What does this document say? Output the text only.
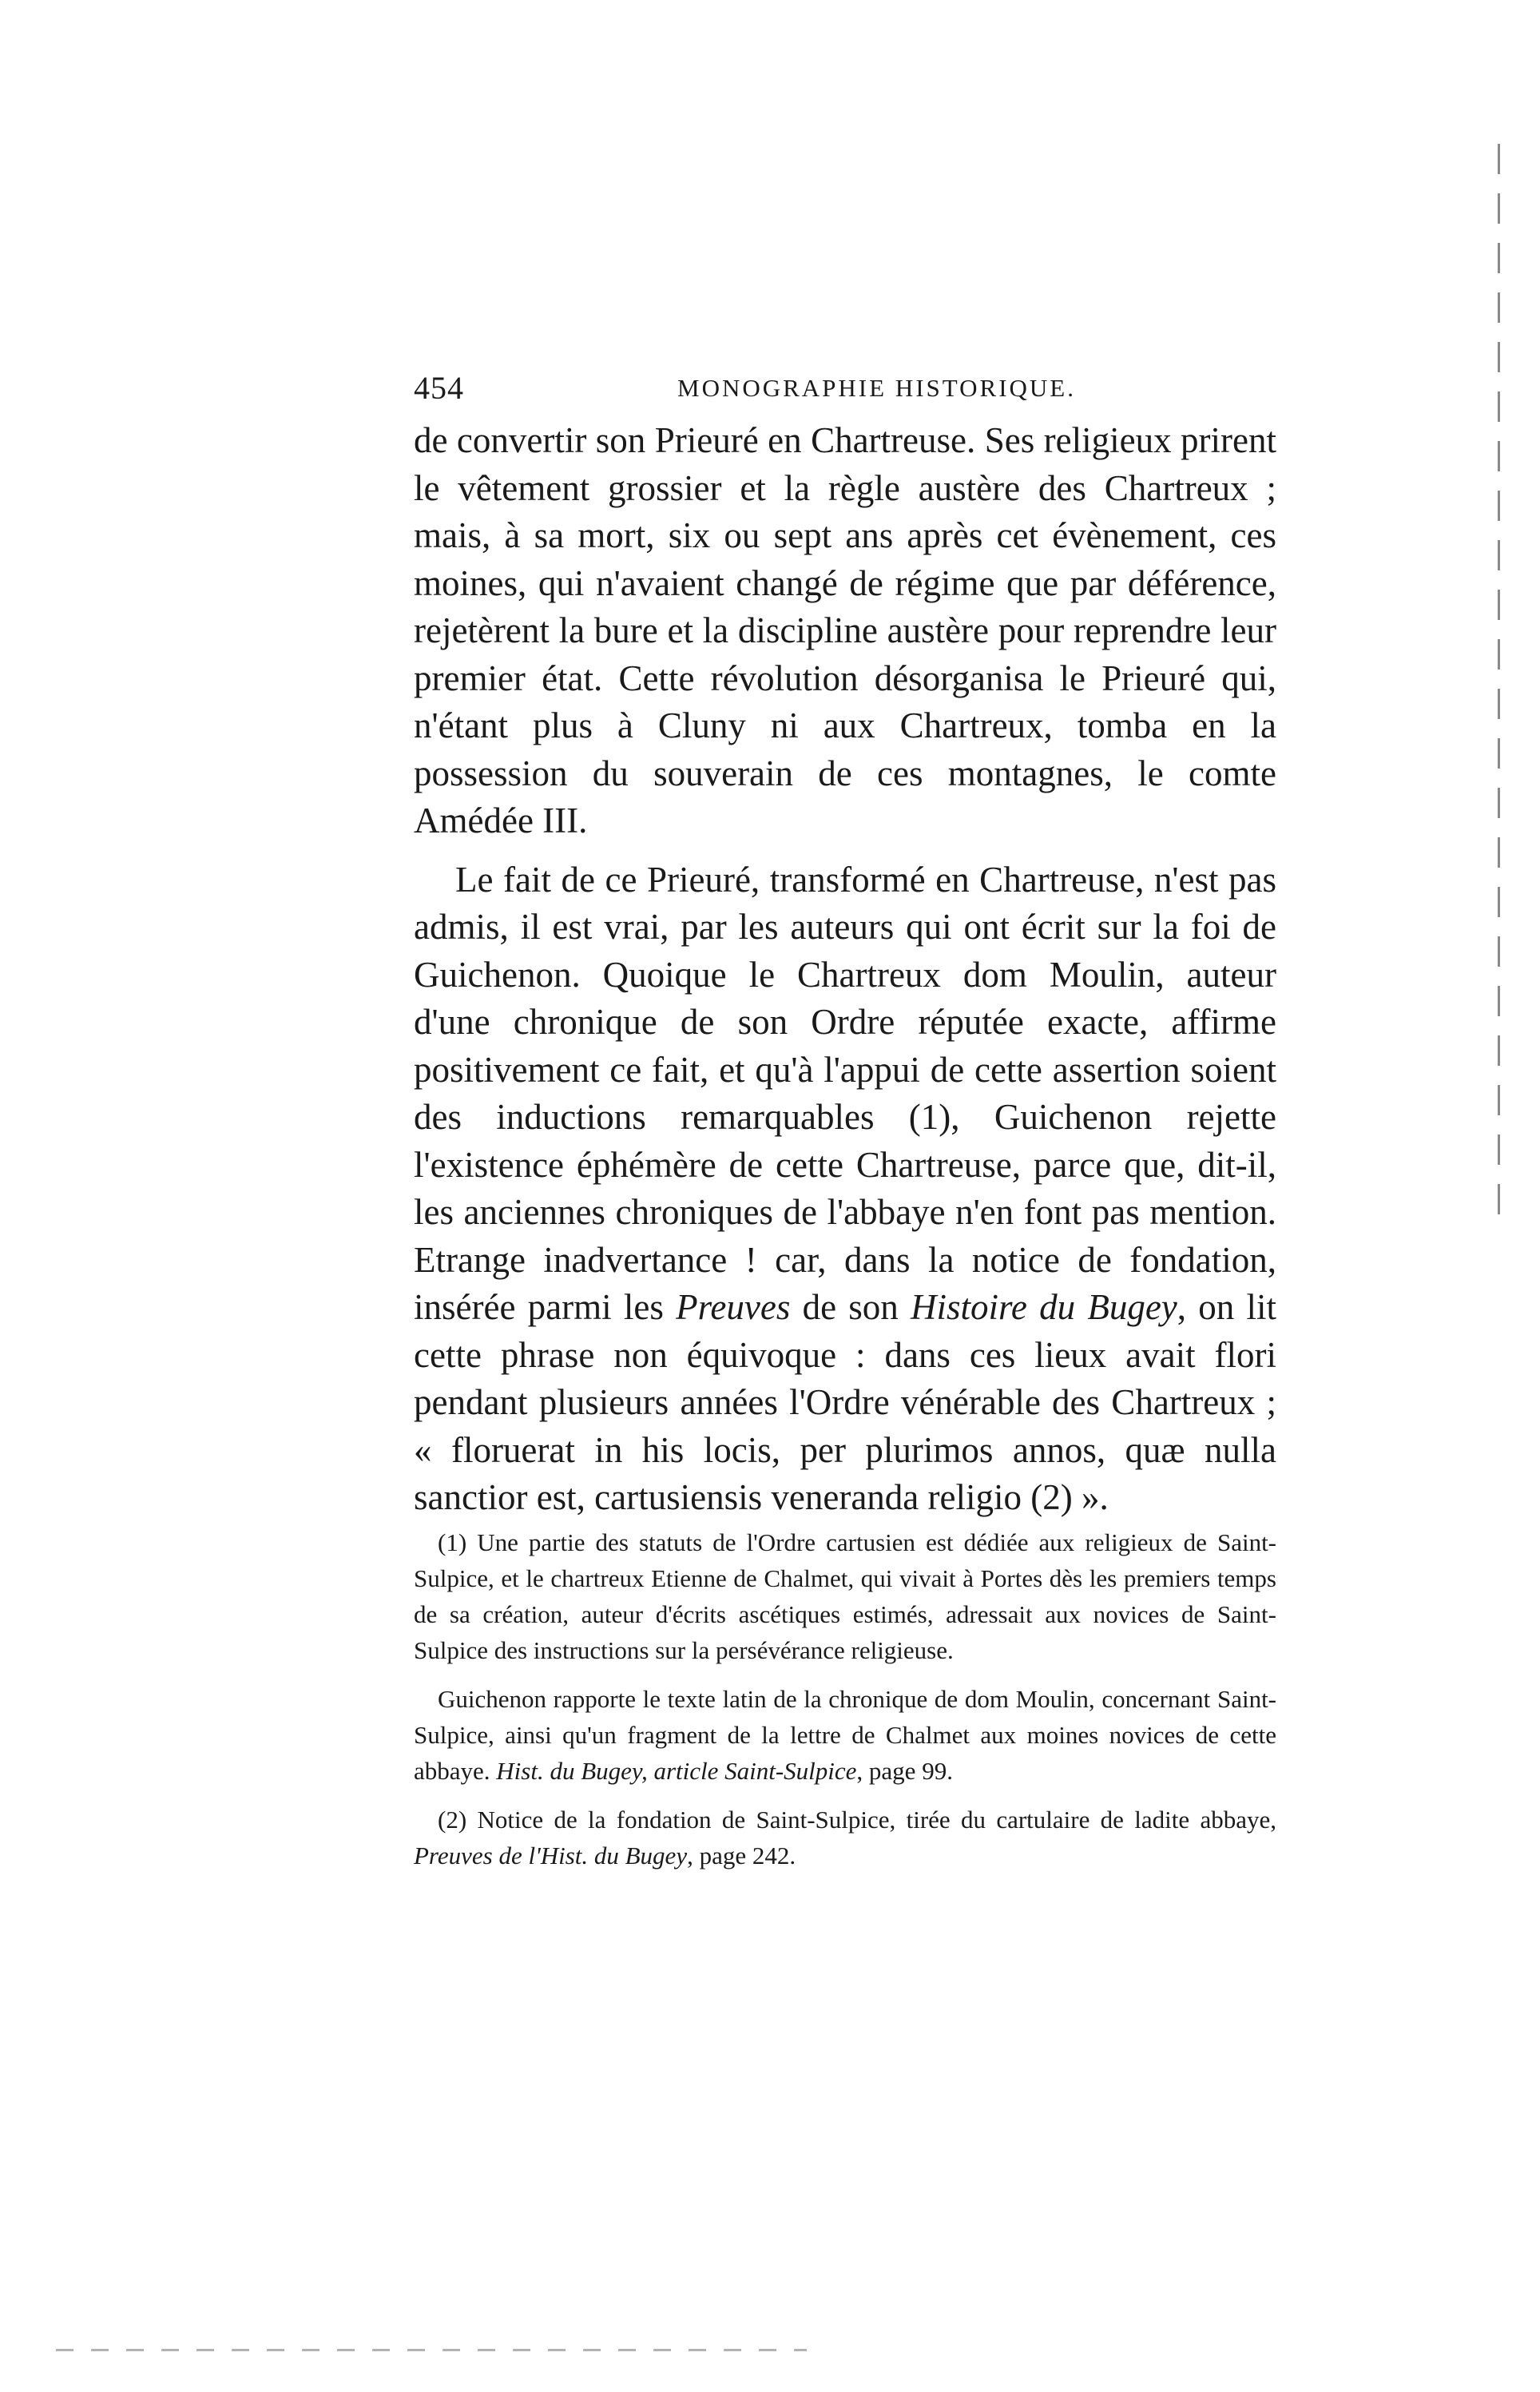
454	MONOGRAPHIE HISTORIQUE.

de convertir son Prieuré en Chartreuse. Ses religieux prirent le vêtement grossier et la règle austère des Chartreux ; mais, à sa mort, six ou sept ans après cet évènement, ces moines, qui n'avaient changé de régime que par déférence, rejetèrent la bure et la discipline austère pour reprendre leur premier état. Cette révolution désorganisa le Prieuré qui, n'étant plus à Cluny ni aux Chartreux, tomba en la possession du souverain de ces montagnes, le comte Amédée III.

Le fait de ce Prieuré, transformé en Chartreuse, n'est pas admis, il est vrai, par les auteurs qui ont écrit sur la foi de Guichenon. Quoique le Chartreux dom Moulin, auteur d'une chronique de son Ordre réputée exacte, affirme positivement ce fait, et qu'à l'appui de cette assertion soient des inductions remarquables (1), Guichenon rejette l'existence éphémère de cette Chartreuse, parce que, dit-il, les anciennes chroniques de l'abbaye n'en font pas mention. Etrange inadvertance ! car, dans la notice de fondation, insérée parmi les Preuves de son Histoire du Bugey, on lit cette phrase non équivoque : dans ces lieux avait flori pendant plusieurs années l'Ordre vénérable des Chartreux ; « floruerat in his locis, per plurimos annos, quæ nulla sanctior est, cartusiensis veneranda religio (2) ».

(1) Une partie des statuts de l'Ordre cartusien est dédiée aux religieux de Saint-Sulpice, et le chartreux Etienne de Chalmet, qui vivait à Portes dès les premiers temps de sa création, auteur d'écrits ascétiques estimés, adressait aux novices de Saint-Sulpice des instructions sur la persévérance religieuse.

Guichenon rapporte le texte latin de la chronique de dom Moulin, concernant Saint-Sulpice, ainsi qu'un fragment de la lettre de Chalmet aux moines novices de cette abbaye. Hist. du Bugey, article Saint-Sulpice, page 99.

(2) Notice de la fondation de Saint-Sulpice, tirée du cartulaire de ladite abbaye, Preuves de l'Hist. du Bugey, page 242.
